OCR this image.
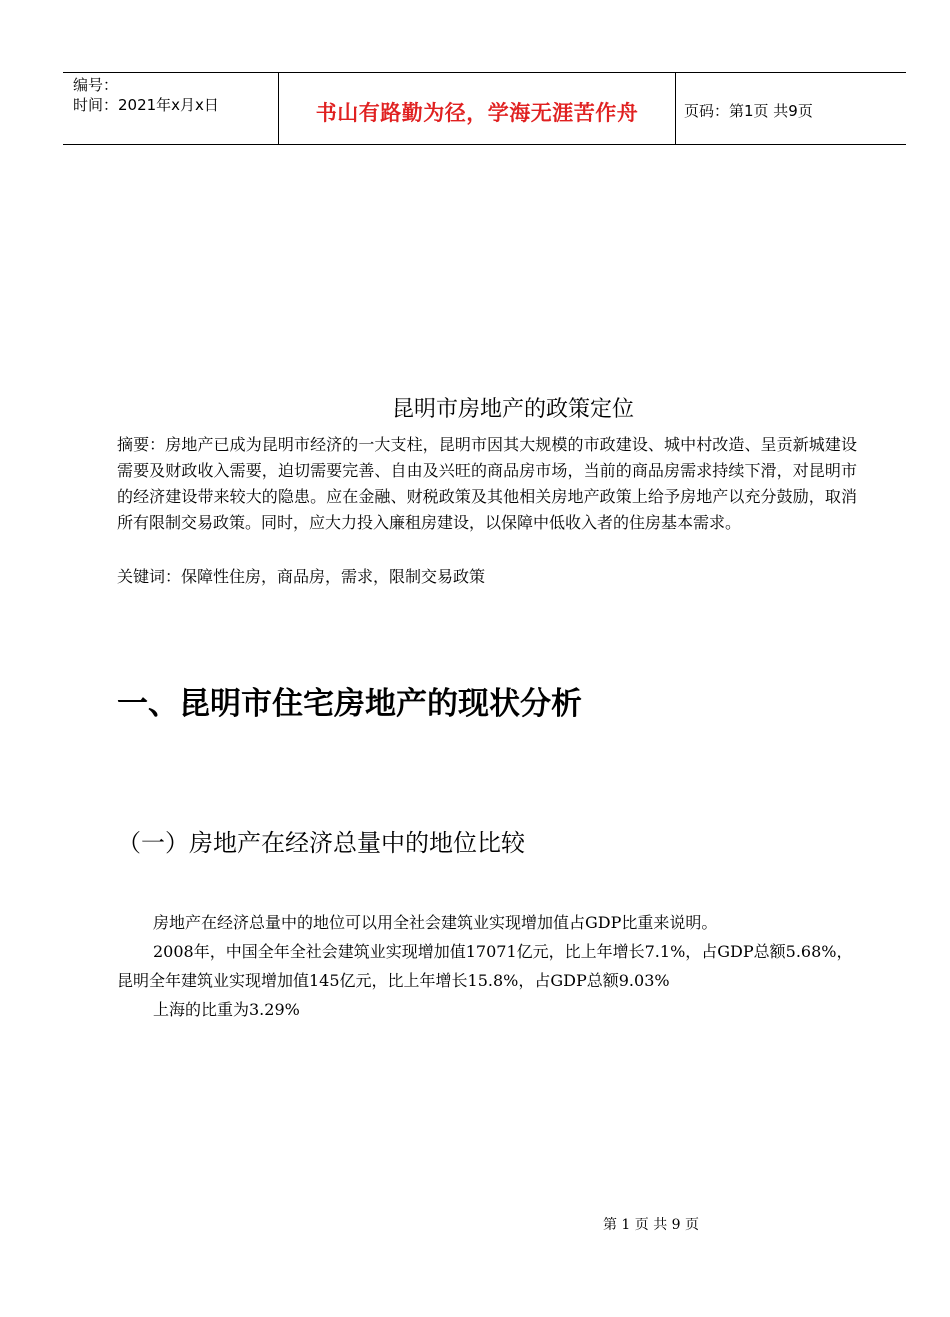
编号：
时间：2021年x月x日	书山有路勤为径，学海无涯苦作舟	页码：第1页 共9页
昆明市房地产的政策定位
摘要：房地产已成为昆明市经济的一大支柱，昆明市因其大规模的市政建设、城中村改造、呈贡新城建设需要及财政收入需要，迫切需要完善、自由及兴旺的商品房市场，当前的商品房需求持续下滑，对昆明市的经济建设带来较大的隐患。应在金融、财税政策及其他相关房地产政策上给予房地产以充分鼓励，取消所有限制交易政策。同时，应大力投入廉租房建设，以保障中低收入者的住房基本需求。
关键词：保障性住房，商品房，需求，限制交易政策
一、昆明市住宅房地产的现状分析
（一）房地产在经济总量中的地位比较
房地产在经济总量中的地位可以用全社会建筑业实现增加值占GDP比重来说明。
2008年，中国全年全社会建筑业实现增加值17071亿元，比上年增长7.1%，占GDP总额5.68%，昆明全年建筑业实现增加值145亿元，比上年增长15.8%，占GDP总额9.03%
上海的比重为3.29%
第 1 页 共 9 页
